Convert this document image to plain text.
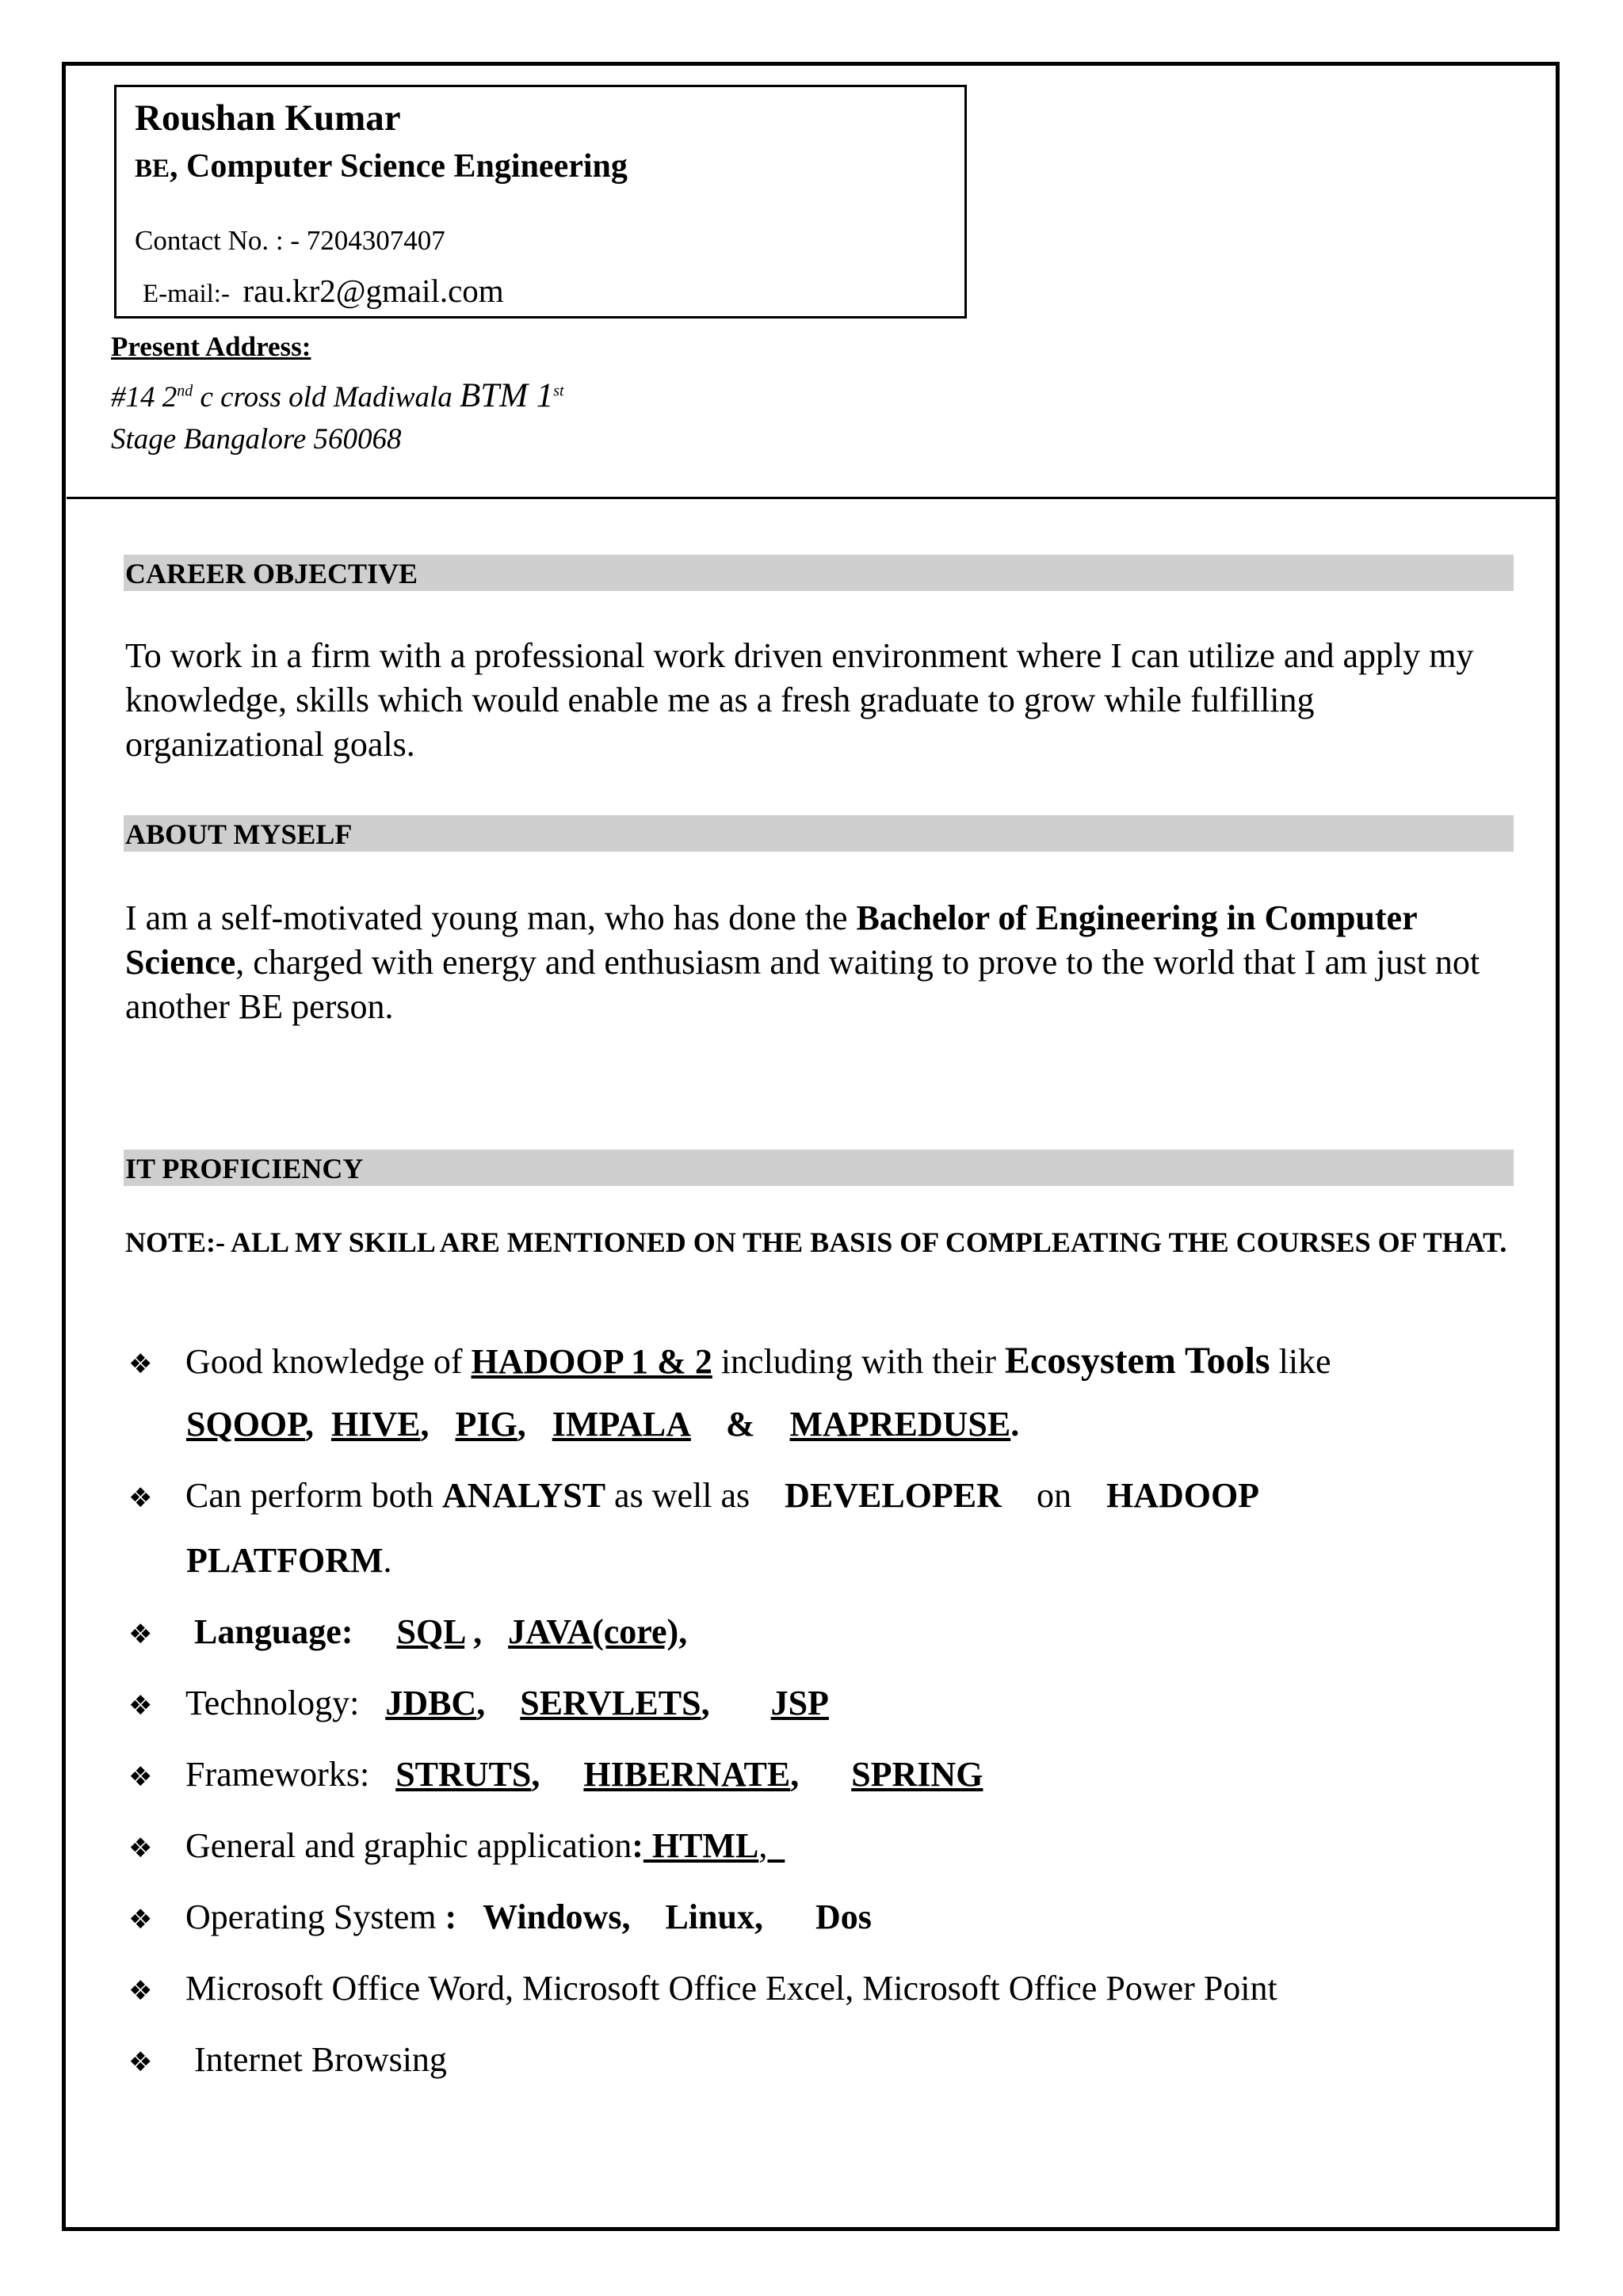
Roushan Kumar
BE, Computer Science Engineering
Contact No. : - 7204307407
E-mail:- rau.kr2@gmail.com
Present Address:
#14 2nd c cross old Madiwala BTM 1st
Stage Bangalore 560068
CAREER OBJECTIVE
To work in a firm with a professional work driven environment where I can utilize and apply my knowledge, skills which would enable me as a fresh graduate to grow while fulfilling organizational goals.
ABOUT MYSELF
I am a self-motivated young man, who has done the Bachelor of Engineering in Computer Science, charged with energy and enthusiasm and waiting to prove to the world that I am just not another BE person.
IT PROFICIENCY
NOTE:- ALL MY SKILL ARE MENTIONED ON THE BASIS OF COMPLEATING THE COURSES OF THAT.
❖ Good knowledge of HADOOP 1 & 2 including with their Ecosystem Tools like
SQOOP,  HIVE,   PIG,   IMPALA & MAPREDUSE.
❖ Can perform both ANALYST as well as    DEVELOPER on HADOOP
PLATFORM.
❖ Language: SQL ,   JAVA(core),
❖ Technology: JDBC, SERVLETS, JSP
❖ Frameworks: STRUTS, HIBERNATE, SPRING
❖ General and graphic application: HTML,
❖ Operating System : Windows, Linux, Dos
❖ Microsoft Office Word, Microsoft Office Excel, Microsoft Office Power Point
❖ Internet Browsing
